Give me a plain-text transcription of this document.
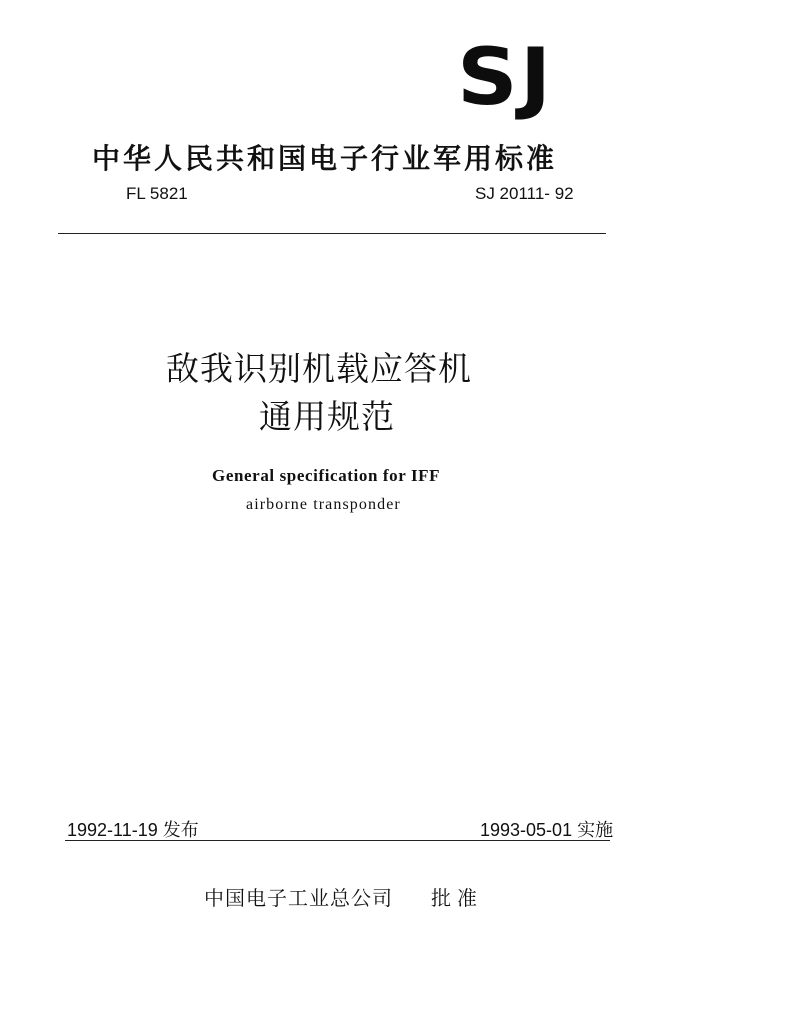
SJ
中华人民共和国电子行业军用标准
FL 5821	SJ 20111- 92
敌我识别机载应答机
通用规范
General specification for IFF
airborne transponder
1992-11-19 发布	1993-05-01 实施
中国电子工业总公司 批准
